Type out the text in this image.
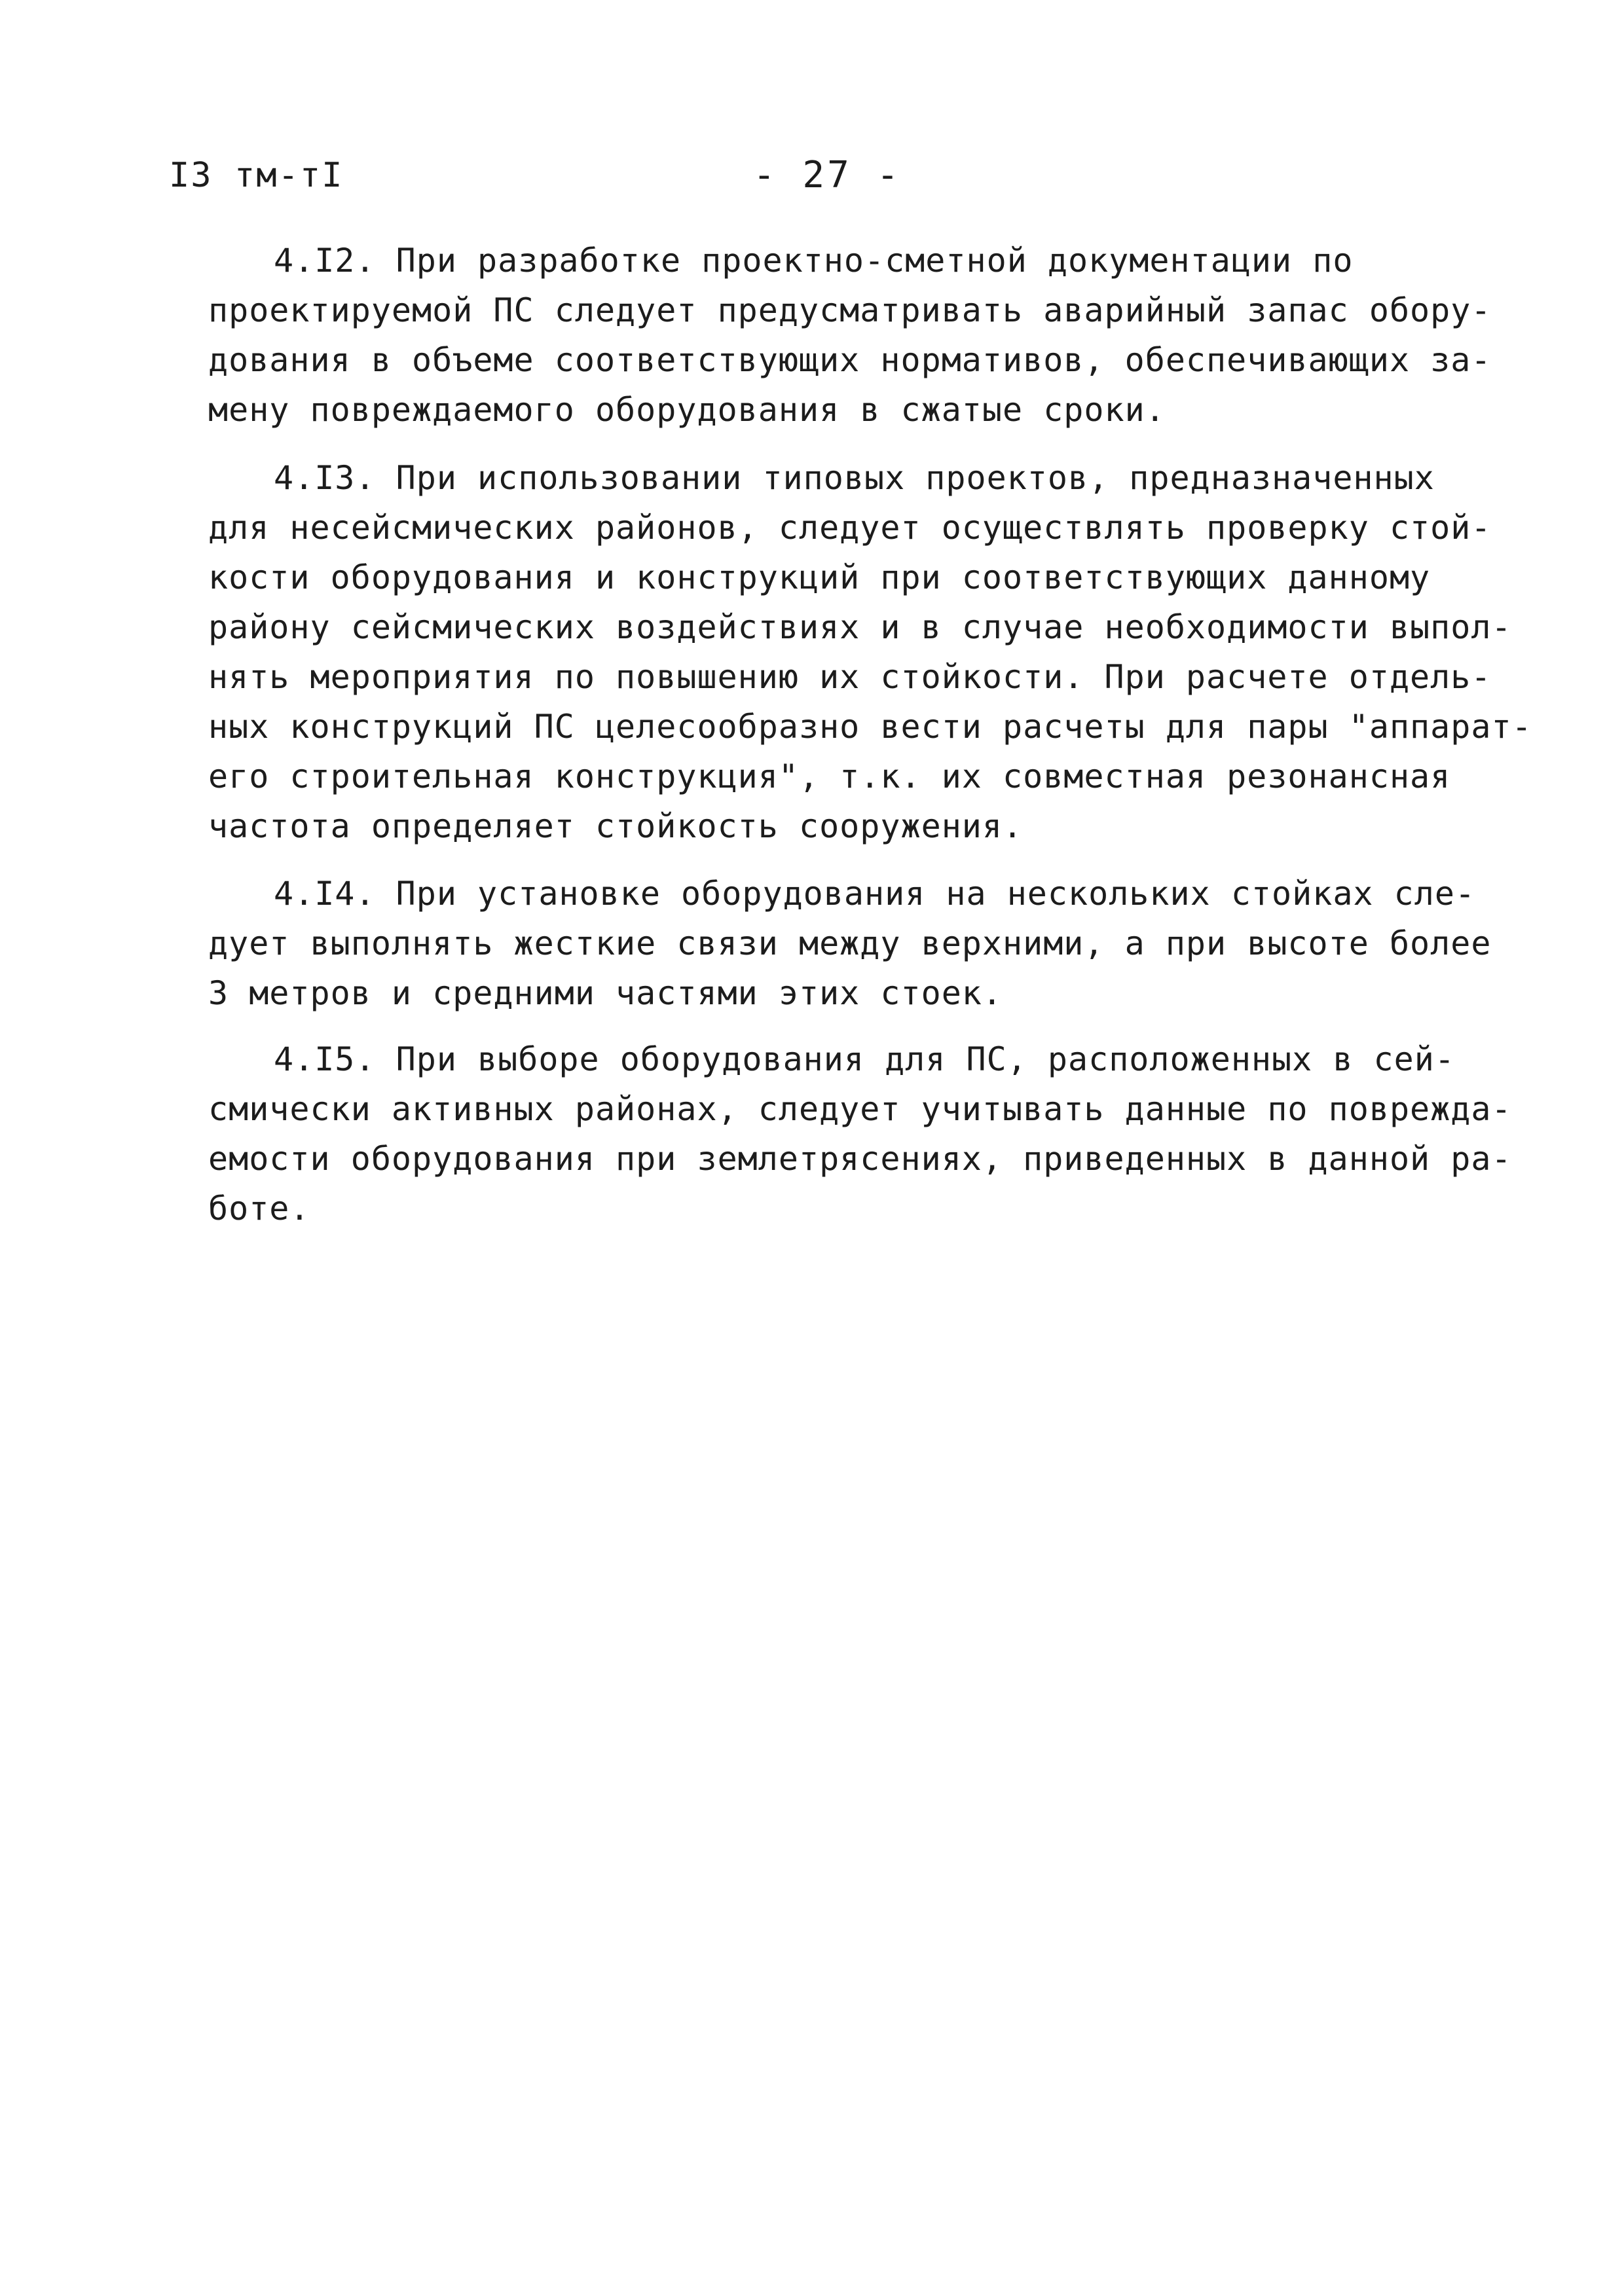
I3 тм-тI	- 27 -
4.I2. При разработке проектно-сметной документации по
проектируемой ПС следует предусматривать аварийный запас обору-
дования в объеме соответствующих нормативов, обеспечивающих за-
мену повреждаемого оборудования в сжатые сроки.
4.I3. При использовании типовых проектов, предназначенных
для несейсмических районов, следует осуществлять проверку стой-
кости оборудования и конструкций при соответствующих данному
району сейсмических воздействиях и в случае необходимости выпол-
нять мероприятия по повышению их стойкости. При расчете отдель-
ных конструкций ПС целесообразно вести расчеты для пары "аппарат-
его строительная конструкция", т.к. их совместная резонансная
частота определяет стойкость сооружения.
4.I4. При установке оборудования на нескольких стойках сле-
дует выполнять жесткие связи между верхними, а при высоте более
3 метров и средними частями этих стоек.
4.I5. При выборе оборудования для ПС, расположенных в сей-
смически активных районах, следует учитывать данные по поврежда-
емости оборудования при землетрясениях, приведенных в данной ра-
боте.
